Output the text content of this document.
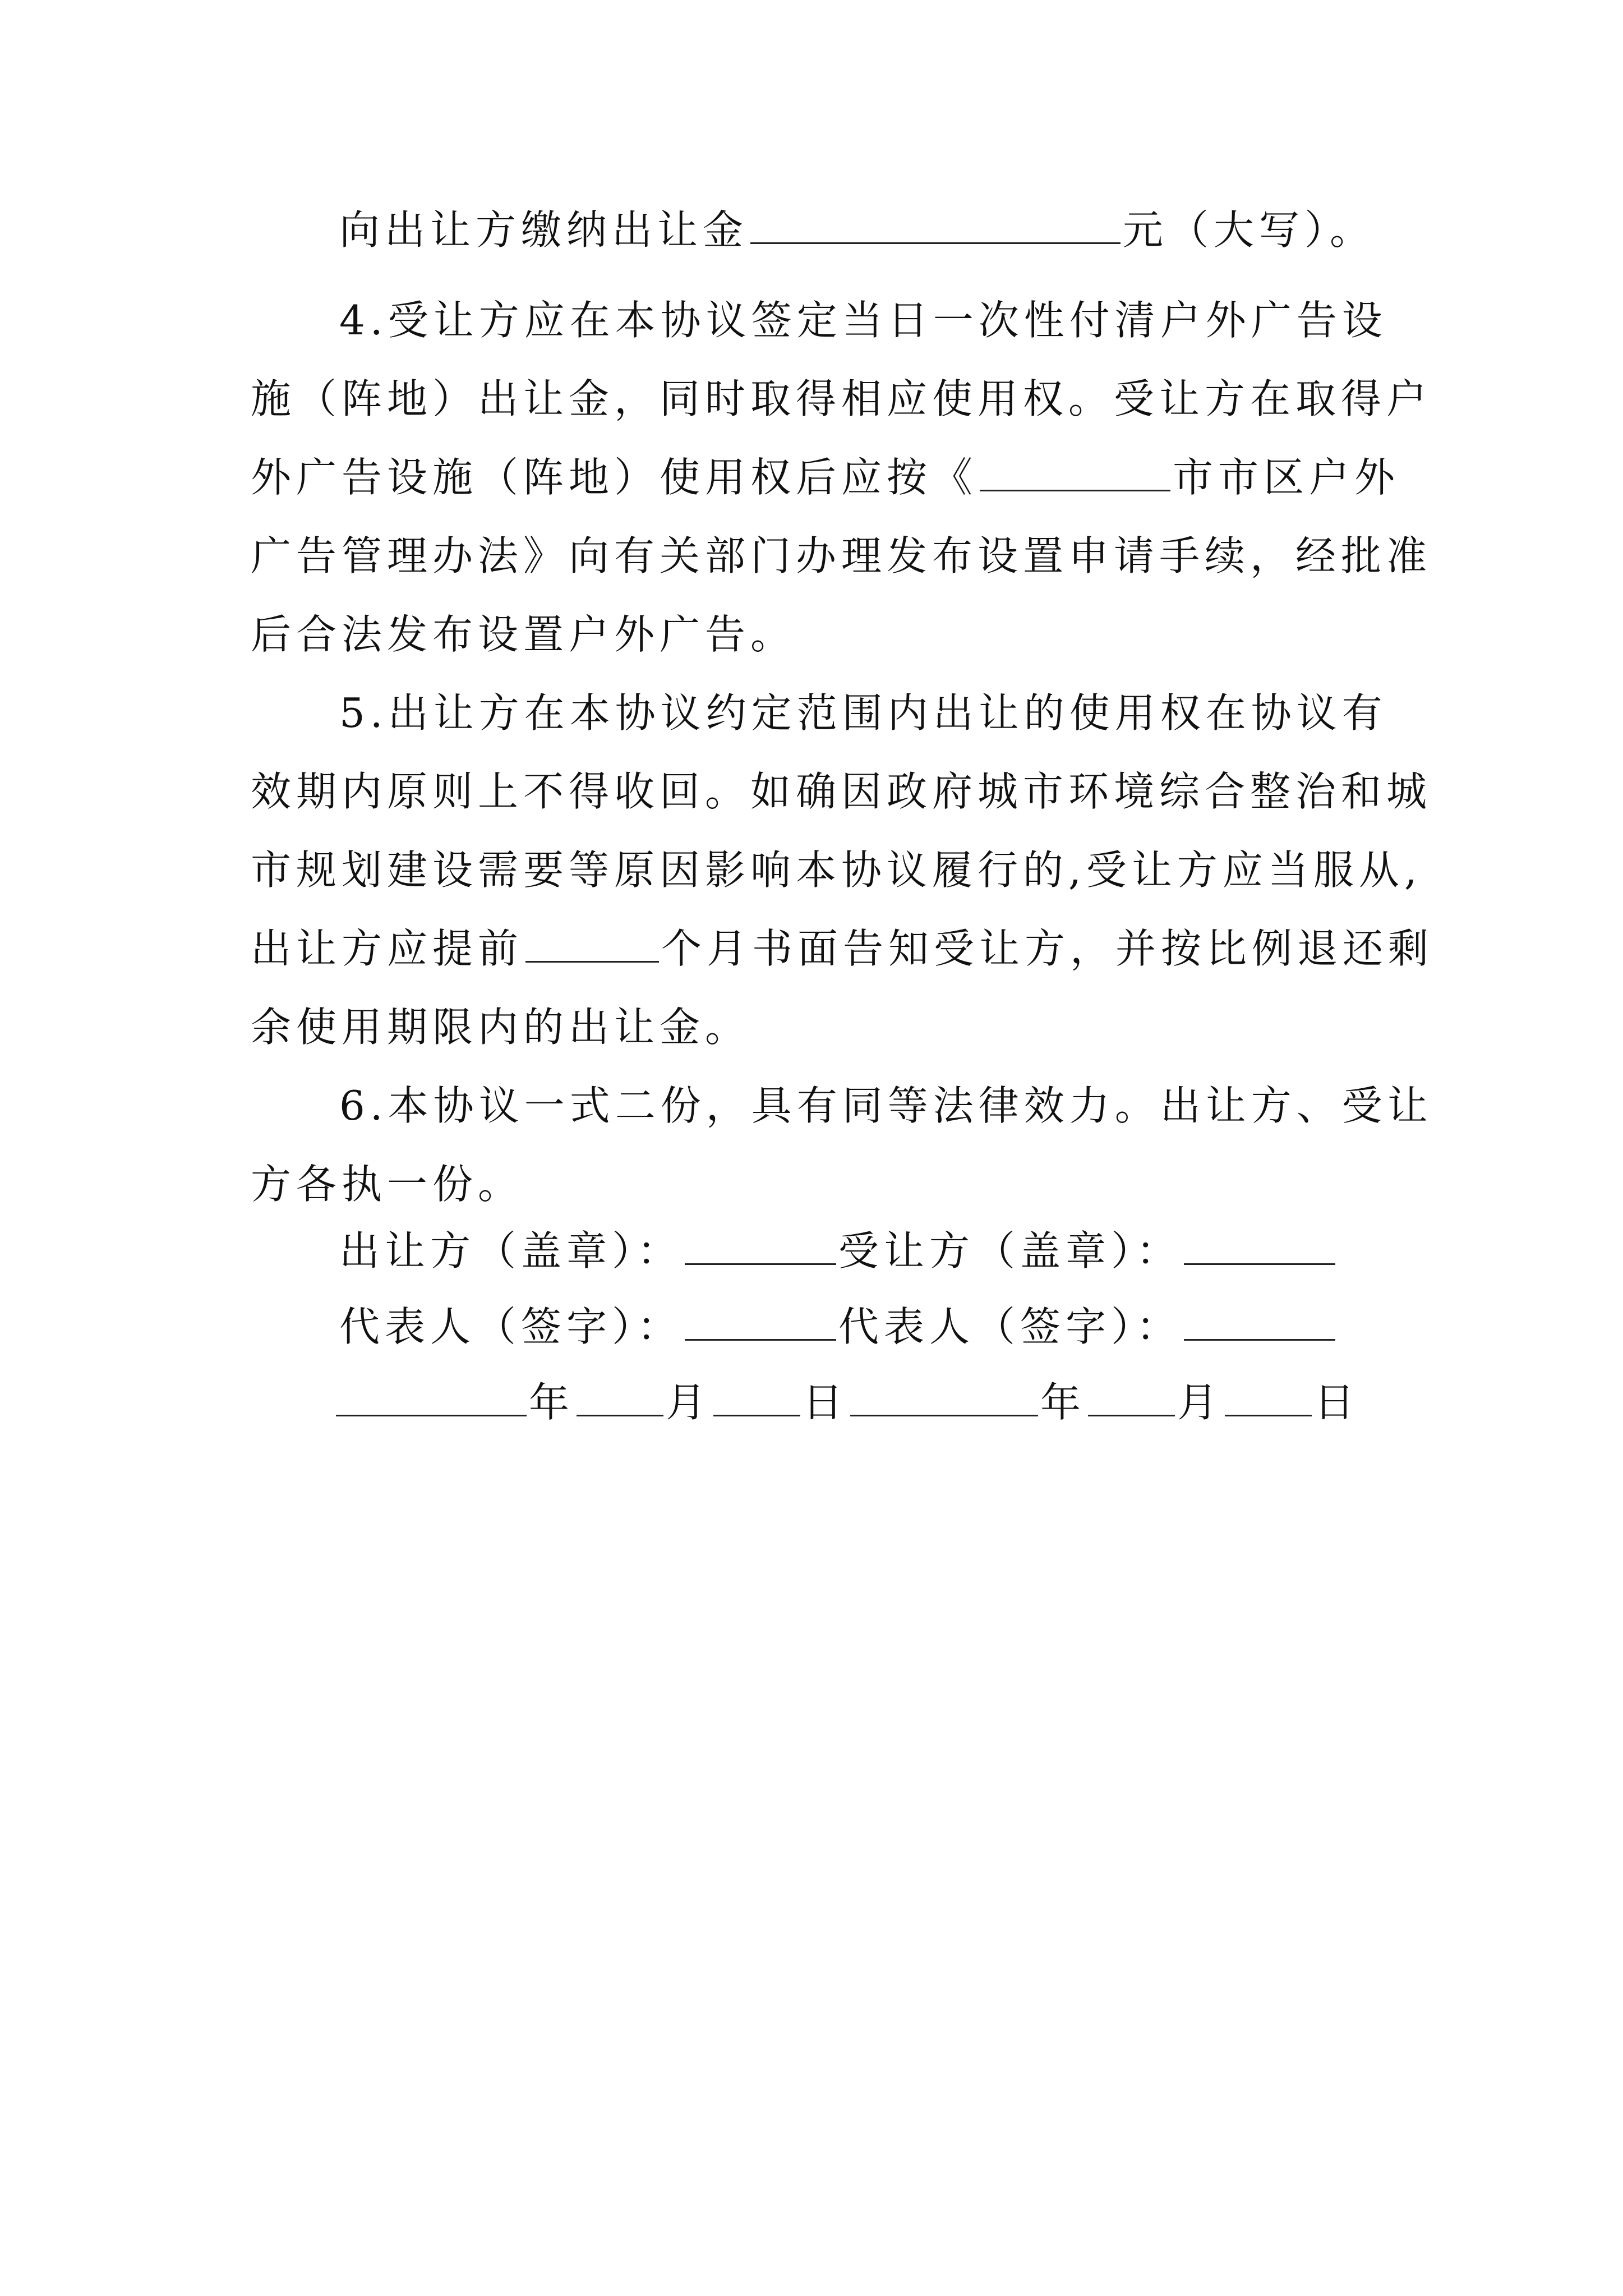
向出让方缴纳出让金	元（大写）。
4.受让方应在本协议签定当日一次性付清户外广告设
施（阵地）出让金，同时取得相应使用权。受让方在取得户
外广告设施（阵地）使用权后应按《	市市区户外
广告管理办法》向有关部门办理发布设置申请手续，经批准
后合法发布设置户外广告。
5.出让方在本协议约定范围内出让的使用权在协议有
效期内原则上不得收回。如确因政府城市环境综合整治和城
市规划建设需要等原因影响本协议履行的,受让方应当服从,
出让方应提前	个月书面告知受让方，并按比例退还剩
余使用期限内的出让金。
6.本协议一式二份，具有同等法律效力。出让方、受让
方各执一份。
出让方（盖章）：	受让方（盖章）：
代表人（签字）：	代表人（签字）：
年 月 日	年 月 日
